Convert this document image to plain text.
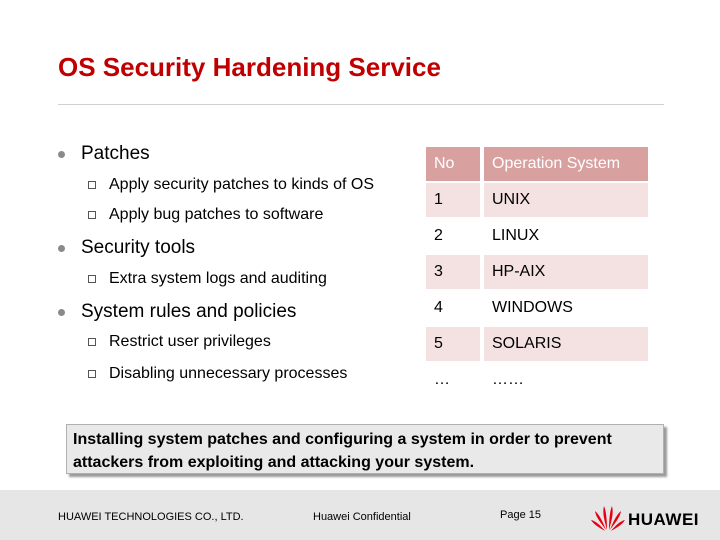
OS Security Hardening Service
Patches
Apply security patches to kinds of OS
Apply bug patches to software
Security tools
Extra system logs and auditing
System rules and policies
Restrict user privileges
Disabling unnecessary processes
No		Operation System
1		UNIX
2		LINUX
3		HP-AIX
4		WINDOWS
5		SOLARIS
…		……
Installing system patches and configuring a system in order to prevent attackers from exploiting and attacking your system.
HUAWEI TECHNOLOGIES CO., LTD.	Huawei Confidential	Page 15	HUAWEI
